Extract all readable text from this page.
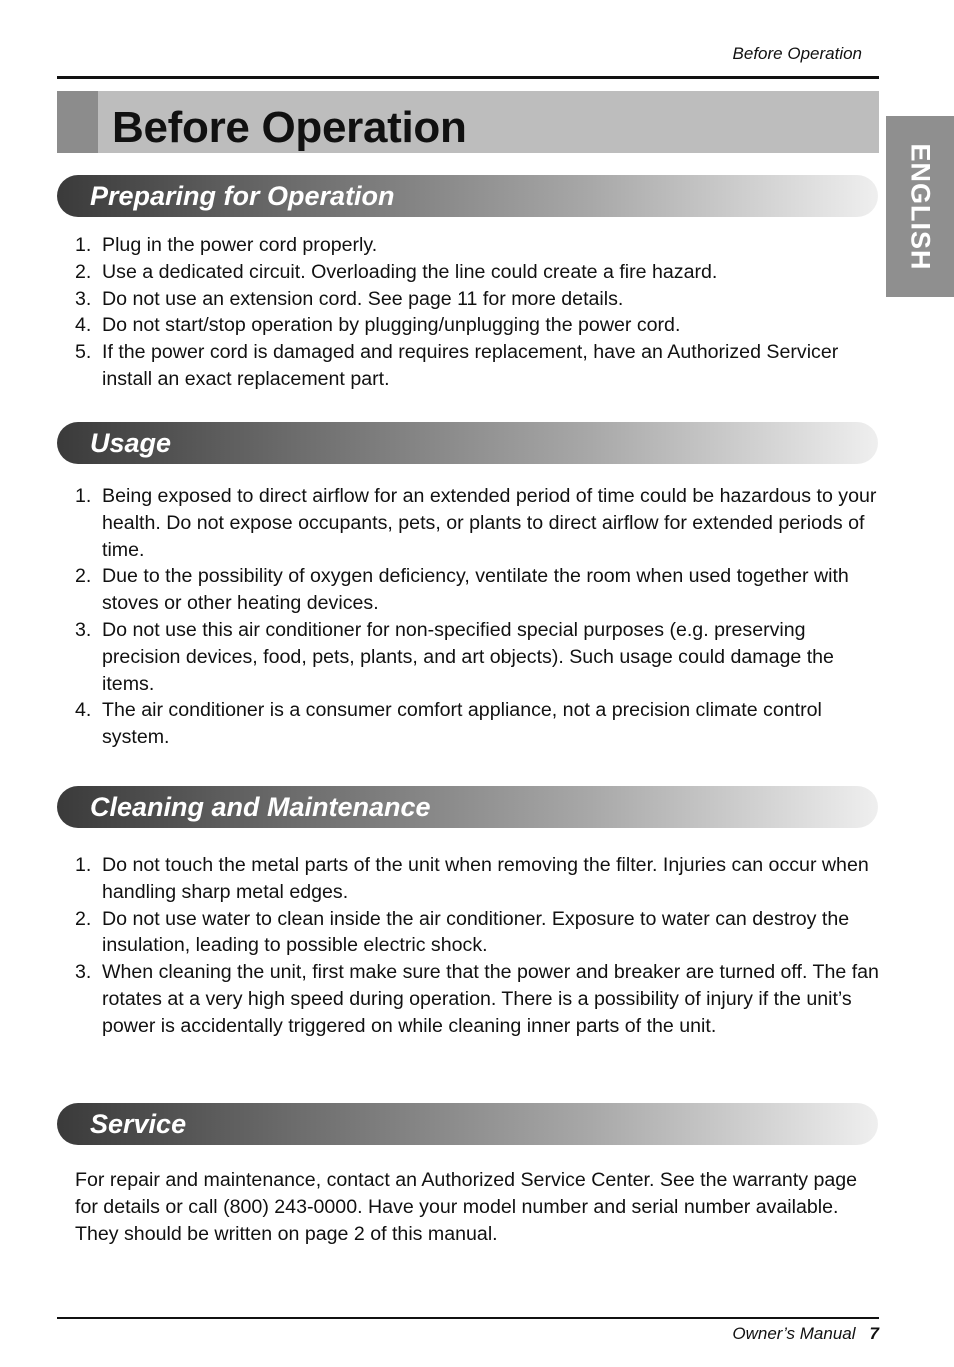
Before Operation
Before Operation
ENGLISH
Preparing for Operation
1. Plug in the power cord properly.
2. Use a dedicated circuit. Overloading the line could create a fire hazard.
3. Do not use an extension cord. See page 11 for more details.
4. Do not start/stop operation by plugging/unplugging the power cord.
5. If the power cord is damaged and requires replacement, have an Authorized Servicer install an exact replacement part.
Usage
1. Being exposed to direct airflow for an extended period of time could be hazardous to your health. Do not expose occupants, pets, or plants to direct airflow for extended periods of time.
2. Due to the possibility of oxygen deficiency, ventilate the room when used together with stoves or other heating devices.
3. Do not use this air conditioner for non-specified special purposes (e.g. preserving precision devices, food, pets, plants, and art objects). Such usage could damage the items.
4. The air conditioner is a consumer comfort appliance, not a precision climate control system.
Cleaning and Maintenance
1. Do not touch the metal parts of the unit when removing the filter. Injuries can occur when handling sharp metal edges.
2. Do not use water to clean inside the air conditioner. Exposure to water can destroy the insulation, leading to possible electric shock.
3. When cleaning the unit, first make sure that the power and breaker are turned off. The fan rotates at a very high speed during operation. There is a possibility of injury if the unit’s power is accidentally triggered on while cleaning inner parts of the unit.
Service

For repair and maintenance, contact an Authorized Service Center. See the warranty page for details or call (800) 243-0000. Have your model number and serial number available. They should be written on page 2 of this manual.

Owner’s Manual 7
